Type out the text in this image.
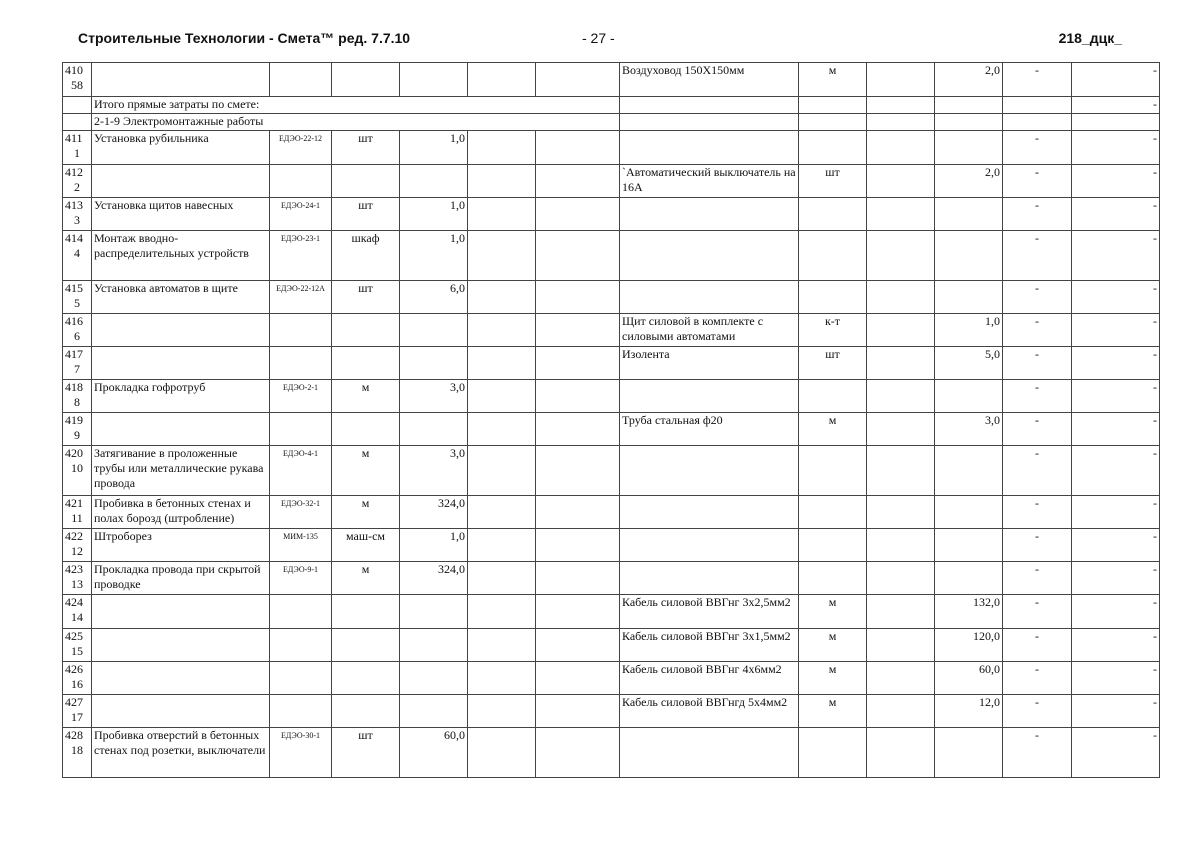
Строительные Технологии - Смета™ ред. 7.7.10	- 27 -	218_дцк_
410
58							Воздуховод 150Х150мм	м		2,0	-	-
	Итого прямые затраты по смете:											-
	2-1-9 Электромонтажные работы											

411
1	Установка рубильника	ЕДЭО-22-12	шт	1,0							-	-

412
2							`Автоматический выключатель на 16А	шт		2,0	-	-

413
3	Установка щитов навесных	ЕДЭО-24-1	шт	1,0							-	-

414
4	Монтаж вводно-распределительных устройств	ЕДЭО-23-1	шкаф	1,0							-	-

415
5	Установка автоматов в щите	ЕДЭО-22-12А	шт	6,0							-	-

416
6							Щит силовой в комплекте с силовыми автоматами	к-т		1,0	-	-

417
7							Изолента	шт		5,0	-	-

418
8	Прокладка гофротруб	ЕДЭО-2-1	м	3,0							-	-

419
9							Труба стальная ф20	м		3,0	-	-

420
10	Затягивание в проложенные трубы или металлические рукава провода	ЕДЭО-4-1	м	3,0							-	-

421
11	Пробивка в бетонных стенах и полах борозд (штробление)	ЕДЭО-32-1	м	324,0							-	-

422
12	Штроборез	МИМ-135	маш-см	1,0							-	-

423
13	Прокладка провода при скрытой проводке	ЕДЭО-9-1	м	324,0							-	-

424
14							Кабель силовой ВВГнг 3х2,5мм2	м		132,0	-	-

425
15							Кабель силовой ВВГнг 3х1,5мм2	м		120,0	-	-

426
16							Кабель силовой ВВГнг 4х6мм2	м		60,0	-	-

427
17							Кабель силовой ВВГнгд 5х4мм2	м		12,0	-	-

428
18	Пробивка отверстий в бетонных стенах под розетки, выключатели	ЕДЭО-30-1	шт	60,0							-	-
